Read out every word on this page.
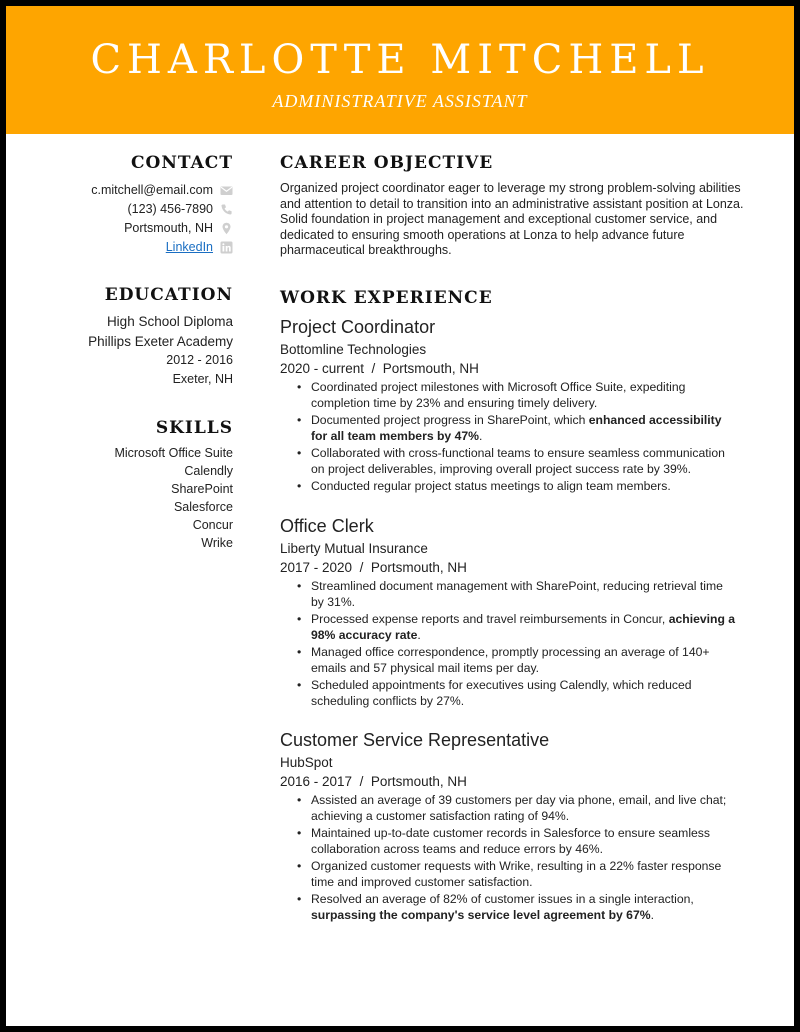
CHARLOTTE MITCHELL
ADMINISTRATIVE ASSISTANT
CONTACT
c.mitchell@email.com
(123) 456-7890
Portsmouth, NH
LinkedIn
EDUCATION
High School Diploma
Phillips Exeter Academy
2012 - 2016
Exeter, NH
SKILLS
Microsoft Office Suite
Calendly
SharePoint
Salesforce
Concur
Wrike
CAREER OBJECTIVE
Organized project coordinator eager to leverage my strong problem-solving abilities and attention to detail to transition into an administrative assistant position at Lonza. Solid foundation in project management and exceptional customer service, and dedicated to ensuring smooth operations at Lonza to help advance future pharmaceutical breakthroughs.
WORK EXPERIENCE
Project Coordinator
Bottomline Technologies
2020 - current  /  Portsmouth, NH
• Coordinated project milestones with Microsoft Office Suite, expediting completion time by 23% and ensuring timely delivery.
• Documented project progress in SharePoint, which enhanced accessibility for all team members by 47%.
• Collaborated with cross-functional teams to ensure seamless communication on project deliverables, improving overall project success rate by 39%.
• Conducted regular project status meetings to align team members.
Office Clerk
Liberty Mutual Insurance
2017 - 2020  /  Portsmouth, NH
• Streamlined document management with SharePoint, reducing retrieval time by 31%.
• Processed expense reports and travel reimbursements in Concur, achieving a 98% accuracy rate.
• Managed office correspondence, promptly processing an average of 140+ emails and 57 physical mail items per day.
• Scheduled appointments for executives using Calendly, which reduced scheduling conflicts by 27%.
Customer Service Representative
HubSpot
2016 - 2017  /  Portsmouth, NH
• Assisted an average of 39 customers per day via phone, email, and live chat; achieving a customer satisfaction rating of 94%.
• Maintained up-to-date customer records in Salesforce to ensure seamless collaboration across teams and reduce errors by 46%.
• Organized customer requests with Wrike, resulting in a 22% faster response time and improved customer satisfaction.
• Resolved an average of 82% of customer issues in a single interaction, surpassing the company's service level agreement by 67%.
